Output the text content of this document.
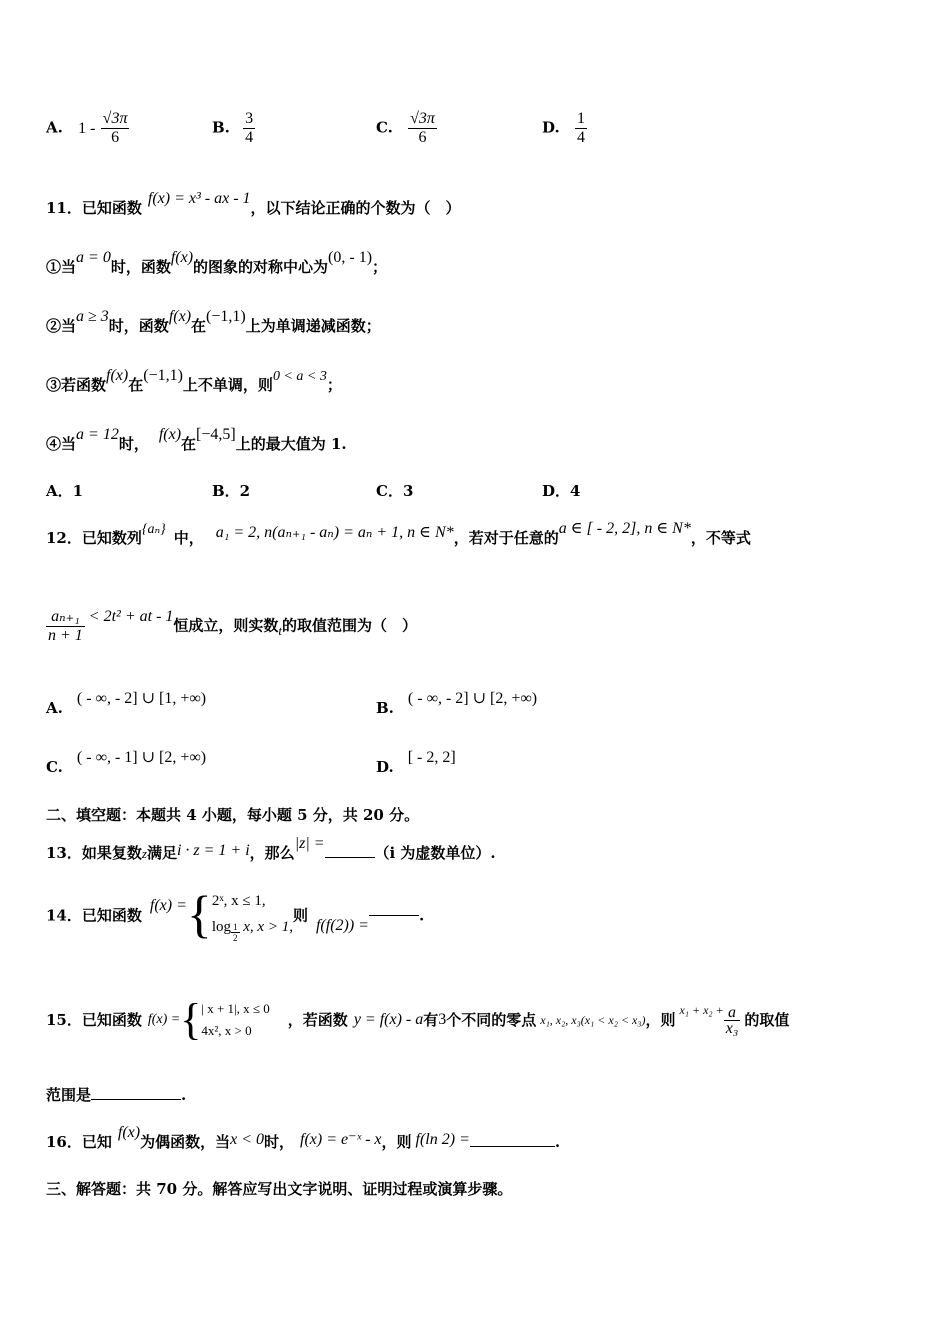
A. $1 - \frac{√3\pi}{6}$	B. $\frac{3}{4}$	C. $\frac{√3\pi}{6}$	D. $\frac{1}{4}$
11．已知函数f(x) = x³ - ax - 1，以下结论正确的个数为（　）
①当a = 0时，函数f(x)的图象的对称中心为(0, - 1)；
②当a ≥ 3时，函数f(x)在(−1,1)上为单调递减函数；
③若函数f(x)在(−1,1)上不单调，则0 < a < 3；
④当a = 12时，f(x)在[−4,5]上的最大值为 1.
A．1	B．2	C．3	D．4
12．已知数列{aₙ} 中， a₁ = 2, n(aₙ₊₁ - aₙ) = aₙ + 1, n ∈ N*，若对于任意的a ∈ [ - 2, 2], n ∈ N*，不等式
$\frac{\text{aₙ₊₁}}{n + 1} < 2t^2$ + at - 1恒成立，则实数t的取值范围为（　）
A.( - ∞, - 2] ∪ [1, +∞)
B.( - ∞, - 2] ∪ [2, +∞)
C.( - ∞, - 1] ∪ [2, +∞)
D.[ - 2, 2]
二、填空题：本题共 4 小题，每小题 5 分，共 20 分。
13．如果复数z满足i · z = 1 + i，那么|z| =（i 为虚数单位）.
14．已知函数f(x) ={ 2ˣ, x ≤ 1,
$\log \frac{1}{2} x$, x > 1,
则f(f(2)) =.
15．已知函数 f(x) ={ | x + 1|, x ≤ 0
4x², x > 0
，若函数 y = f(x) - a有3个不同的零点 x₁, x₂, x₃(x₁ < x₂ < x₃)，则$^{x_1 + x_2 +} \frac{a}{\text{x₃}}$ 的取值
范围是	.
16．已知f(x)为偶函数，当x < 0时， f(x) = e⁻ˣ - x，则 f(ln 2) =	.
三、解答题：共 70 分。解答应写出文字说明、证明过程或演算步骤。
